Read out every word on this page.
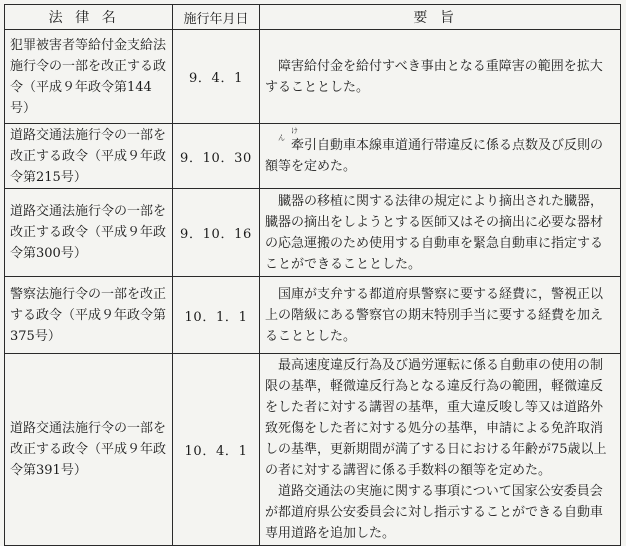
法律名	施行年月日	要旨
犯罪被害者等給付金支給法施行令の一部を改正する政令（平成９年政令第144号）	9．4．1	障害給付金を給付すべき事由となる重障害の範囲を拡大することとした。

道路交通法施行令の一部を改正する政令（平成９年政令第215号）	9．10．30	けん 牽引自動車本線車道通行帯違反に係る点数及び反則の額等を定めた。

道路交通法施行令の一部を改正する政令（平成９年政令第300号）	9．10．16	臓器の移植に関する法律の規定により摘出された臓器，臓器の摘出をしようとする医師又はその摘出に必要な器材の応急運搬のため使用する自動車を緊急自動車に指定することができることとした。

警察法施行令の一部を改正する政令（平成９年政令第375号）	10．1．1	国庫が支弁する都道府県警察に要する経費に，警視正以上の階級にある警察官の期末特別手当に要する経費を加えることとした。

道路交通法施行令の一部を改正する政令（平成９年政令第391号）	10．4．1	最高速度違反行為及び過労運転に係る自動車の使用の制限の基準，軽微違反行為となる違反行為の範囲，軽微違反をした者に対する講習の基準，重大違反唆し等又は道路外致死傷をした者に対する処分の基準，申請による免許取消しの基準，更新期間が満了する日における年齢が75歳以上の者に対する講習に係る手数料の額等を定めた。

道路交通法の実施に関する事項について国家公安委員会が都道府県公安委員会に対し指示することができる自動車専用道路を追加した。
